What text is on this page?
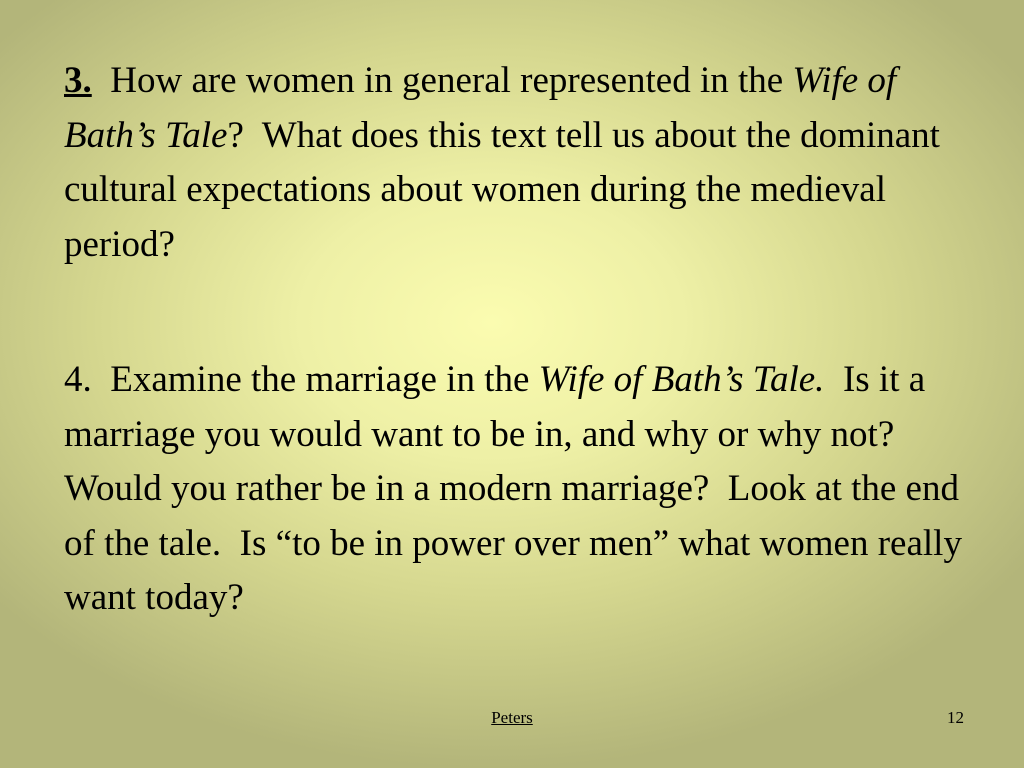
3. How are women in general represented in the Wife of Bath’s Tale?  What does this text tell us about the dominant cultural expectations about women during the medieval period?

4.  Examine the marriage in the Wife of Bath’s Tale.  Is it a marriage you would want to be in, and why or why not?  Would you rather be in a modern marriage?  Look at the end of the tale.  Is “to be in power over men” what women really want today?

Peters	12
